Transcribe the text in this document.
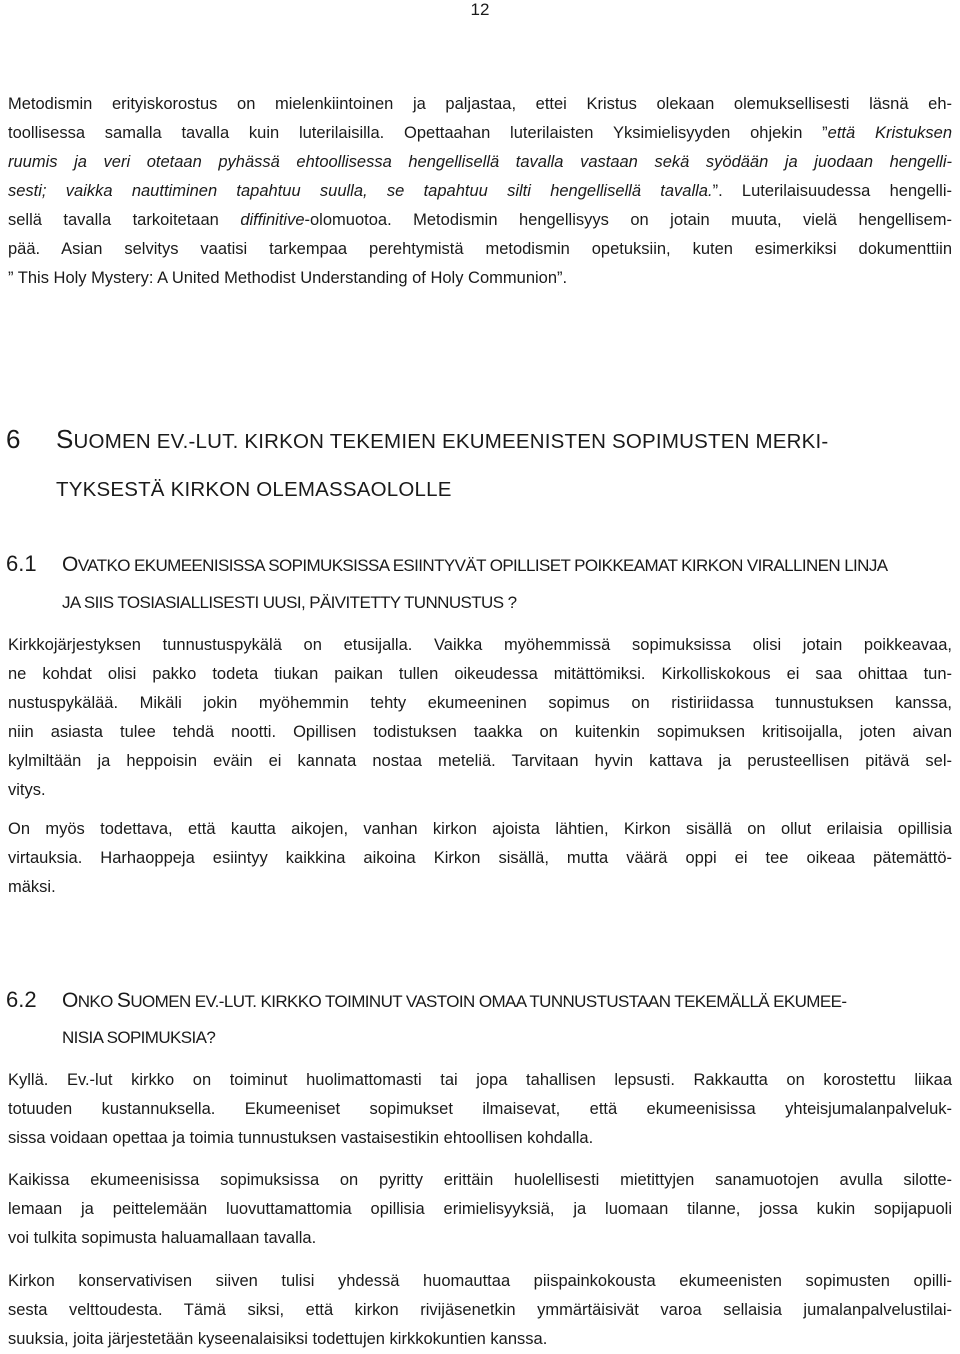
12
Metodismin erityiskorostus on mielenkiintoinen ja paljastaa, ettei Kristus olekaan olemuksellisesti läsnä eh-
toollisessa samalla tavalla kuin luterilaisilla. Opettaahan luterilaisten Yksimielisyyden ohjekin ”että Kristuksen
ruumis ja veri otetaan pyhässä ehtoollisessa hengellisellä tavalla vastaan sekä syödään ja juodaan hengelli-
sesti; vaikka nauttiminen tapahtuu suulla, se tapahtuu silti hengellisellä tavalla.”. Luterilaisuudessa hengelli-
sellä tavalla tarkoitetaan diffinitive-olomuotoa. Metodismin hengellisyys on jotain muuta, vielä hengellisem-
pää. Asian selvitys vaatisi tarkempaa perehtymistä metodismin opetuksiin, kuten esimerkiksi dokumenttiin
” This Holy Mystery: A United Methodist Understanding of Holy Communion”.
6 SUOMEN EV.-LUT. KIRKON TEKEMIEN EKUMEENISTEN SOPIMUSTEN MERKI-
TYKSESTÄ KIRKON OLEMASSAOLOLLE
6.1 OVATKO EKUMEENISISSA SOPIMUKSISSA ESIINTYVÄT OPILLISET POIKKEAMAT KIRKON VIRALLINEN LINJA
JA SIIS TOSIASIALLISESTI UUSI, PÄIVITETTY TUNNUSTUS ?
Kirkkojärjestyksen tunnustuspykälä on etusijalla. Vaikka myöhemmissä sopimuksissa olisi jotain poikkeavaa,
ne kohdat olisi pakko todeta tiukan paikan tullen oikeudessa mitättömiksi. Kirkolliskokous ei saa ohittaa tun-
nustuspykälää. Mikäli jokin myöhemmin tehty ekumeeninen sopimus on ristiriidassa tunnustuksen kanssa,
niin asiasta tulee tehdä nootti. Opillisen todistuksen taakka on kuitenkin sopimuksen kritisoijalla, joten aivan
kylmiltään ja heppoisin eväin ei kannata nostaa meteliä. Tarvitaan hyvin kattava ja perusteellisen pitävä sel-
vitys.
On myös todettava, että kautta aikojen, vanhan kirkon ajoista lähtien, Kirkon sisällä on ollut erilaisia opillisia
virtauksia. Harhaoppeja esiintyy kaikkina aikoina Kirkon sisällä, mutta väärä oppi ei tee oikeaa pätemättö-
mäksi.
6.2 ONKO SUOMEN EV.-LUT. KIRKKO TOIMINUT VASTOIN OMAA TUNNUSTUSTAAN TEKEMÄLLÄ EKUMEE-
NISIA SOPIMUKSIA?
Kyllä. Ev.-lut kirkko on toiminut huolimattomasti tai jopa tahallisen lepsusti. Rakkautta on korostettu liikaa
totuuden kustannuksella. Ekumeeniset sopimukset ilmaisevat, että ekumeenisissa yhteisjumalanpalveluk-
sissa voidaan opettaa ja toimia tunnustuksen vastaisestikin ehtoollisen kohdalla.
Kaikissa ekumeenisissa sopimuksissa on pyritty erittäin huolellisesti mietittyjen sanamuotojen avulla silotte-
lemaan ja peittelemään luovuttamattomia opillisia erimielisyyksiä, ja luomaan tilanne, jossa kukin sopijapuoli
voi tulkita sopimusta haluamallaan tavalla.
Kirkon konservativisen siiven tulisi yhdessä huomauttaa piispainkokousta ekumeenisten sopimusten opilli-
sesta velttoudesta. Tämä siksi, että kirkon rivijäsenetkin ymmärtäisivät varoa sellaisia jumalanpalvelustilai-
suuksia, joita järjestetään kyseenalaisiksi todettujen kirkkokuntien kanssa.
